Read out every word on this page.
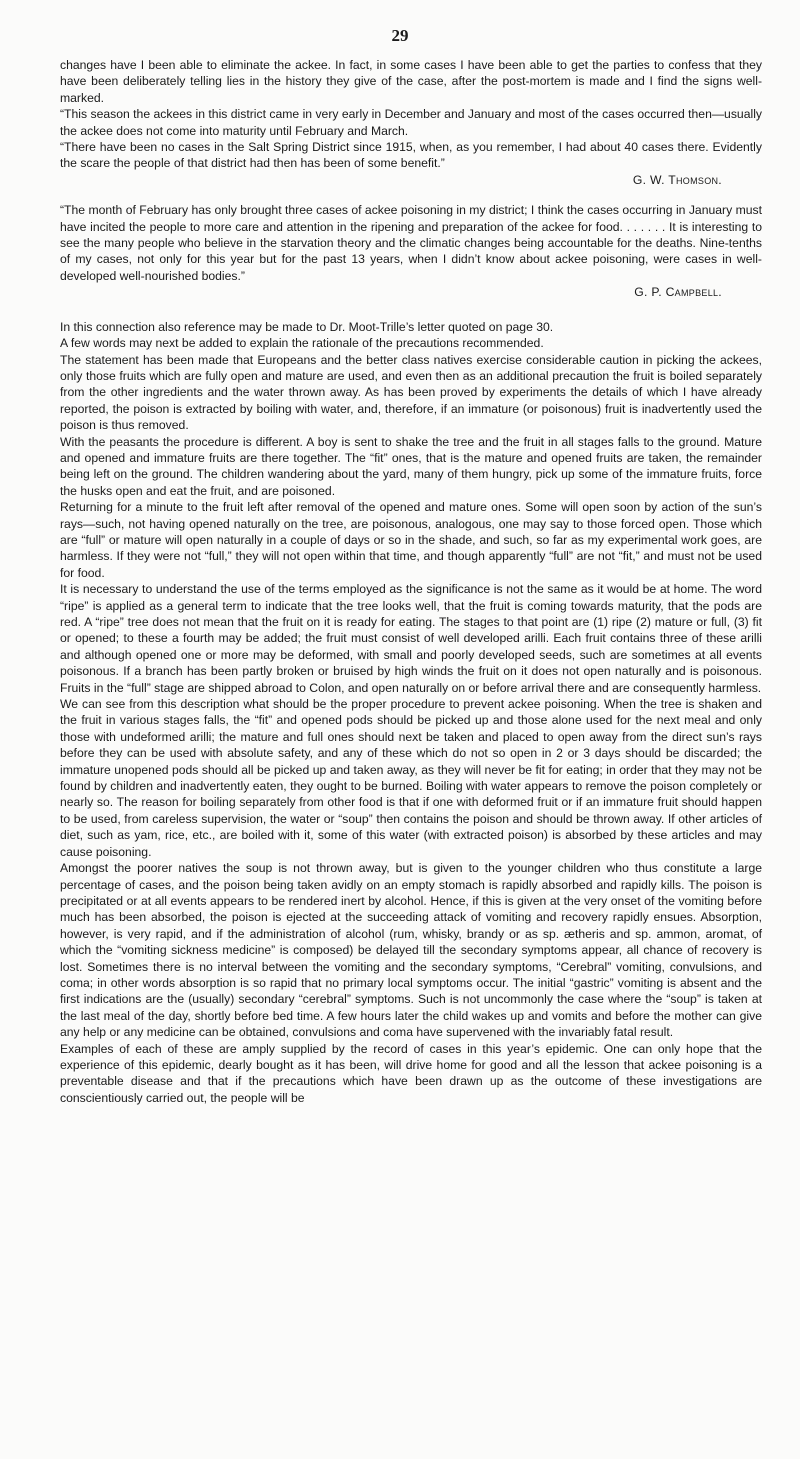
29

changes have I been able to eliminate the ackee. In fact, in some cases I have been able to get the parties to confess that they have been deliberately telling lies in the history they give of the case, after the post-mortem is made and I find the signs well-marked.

“This season the ackees in this district came in very early in December and January and most of the cases occurred then—usually the ackee does not come into maturity until February and March.

“There have been no cases in the Salt Spring District since 1915, when, as you remember, I had about 40 cases there. Evidently the scare the people of that district had then has been of some benefit.”

G. W. Thomson.

“The month of February has only brought three cases of ackee poisoning in my district; I think the cases occurring in January must have incited the people to more care and attention in the ripening and preparation of the ackee for food. . . . . . . It is interesting to see the many people who believe in the starvation theory and the climatic changes being accountable for the deaths. Nine-tenths of my cases, not only for this year but for the past 13 years, when I didn’t know about ackee poisoning, were cases in well-developed well-nourished bodies.”

G. P. Campbell.

In this connection also reference may be made to Dr. Moot-Trille’s letter quoted on page 30.

A few words may next be added to explain the rationale of the precautions recommended.

The statement has been made that Europeans and the better class natives exercise considerable caution in picking the ackees, only those fruits which are fully open and mature are used, and even then as an additional precaution the fruit is boiled separately from the other ingredients and the water thrown away. As has been proved by experiments the details of which I have already reported, the poison is extracted by boiling with water, and, therefore, if an immature (or poisonous) fruit is inadvertently used the poison is thus removed.

With the peasants the procedure is different. A boy is sent to shake the tree and the fruit in all stages falls to the ground. Mature and opened and immature fruits are there together. The “fit” ones, that is the mature and opened fruits are taken, the remainder being left on the ground. The children wandering about the yard, many of them hungry, pick up some of the immature fruits, force the husks open and eat the fruit, and are poisoned.

Returning for a minute to the fruit left after removal of the opened and mature ones. Some will open soon by action of the sun’s rays—such, not having opened naturally on the tree, are poisonous, analogous, one may say to those forced open. Those which are “full” or mature will open naturally in a couple of days or so in the shade, and such, so far as my experimental work goes, are harmless. If they were not “full,” they will not open within that time, and though apparently “full” are not “fit,” and must not be used for food.

It is necessary to understand the use of the terms employed as the significance is not the same as it would be at home. The word “ripe” is applied as a general term to indicate that the tree looks well, that the fruit is coming towards maturity, that the pods are red. A “ripe” tree does not mean that the fruit on it is ready for eating. The stages to that point are (1) ripe (2) mature or full, (3) fit or opened; to these a fourth may be added; the fruit must consist of well developed arilli. Each fruit contains three of these arilli and although opened one or more may be deformed, with small and poorly developed seeds, such are sometimes at all events poisonous. If a branch has been partly broken or bruised by high winds the fruit on it does not open naturally and is poisonous. Fruits in the “full” stage are shipped abroad to Colon, and open naturally on or before arrival there and are consequently harmless.

We can see from this description what should be the proper procedure to prevent ackee poisoning. When the tree is shaken and the fruit in various stages falls, the “fit” and opened pods should be picked up and those alone used for the next meal and only those with undeformed arilli; the mature and full ones should next be taken and placed to open away from the direct sun’s rays before they can be used with absolute safety, and any of these which do not so open in 2 or 3 days should be discarded; the immature unopened pods should all be picked up and taken away, as they will never be fit for eating; in order that they may not be found by children and inadvertently eaten, they ought to be burned. Boiling with water appears to remove the poison completely or nearly so. The reason for boiling separately from other food is that if one with deformed fruit or if an immature fruit should happen to be used, from careless supervision, the water or “soup” then contains the poison and should be thrown away. If other articles of diet, such as yam, rice, etc., are boiled with it, some of this water (with extracted poison) is absorbed by these articles and may cause poisoning.

Amongst the poorer natives the soup is not thrown away, but is given to the younger children who thus constitute a large percentage of cases, and the poison being taken avidly on an empty stomach is rapidly absorbed and rapidly kills. The poison is precipitated or at all events appears to be rendered inert by alcohol. Hence, if this is given at the very onset of the vomiting before much has been absorbed, the poison is ejected at the succeeding attack of vomiting and recovery rapidly ensues. Absorption, however, is very rapid, and if the administration of alcohol (rum, whisky, brandy or as sp. ætheris and sp. ammon, aromat, of which the “vomiting sickness medicine” is composed) be delayed till the secondary symptoms appear, all chance of recovery is lost. Sometimes there is no interval between the vomiting and the secondary symptoms, “Cerebral” vomiting, convulsions, and coma; in other words absorption is so rapid that no primary local symptoms occur. The initial “gastric” vomiting is absent and the first indications are the (usually) secondary “cerebral” symptoms. Such is not uncommonly the case where the “soup” is taken at the last meal of the day, shortly before bed time. A few hours later the child wakes up and vomits and before the mother can give any help or any medicine can be obtained, convulsions and coma have supervened with the invariably fatal result.

Examples of each of these are amply supplied by the record of cases in this year’s epidemic. One can only hope that the experience of this epidemic, dearly bought as it has been, will drive home for good and all the lesson that ackee poisoning is a preventable disease and that if the precautions which have been drawn up as the outcome of these investigations are conscientiously carried out, the people will be
